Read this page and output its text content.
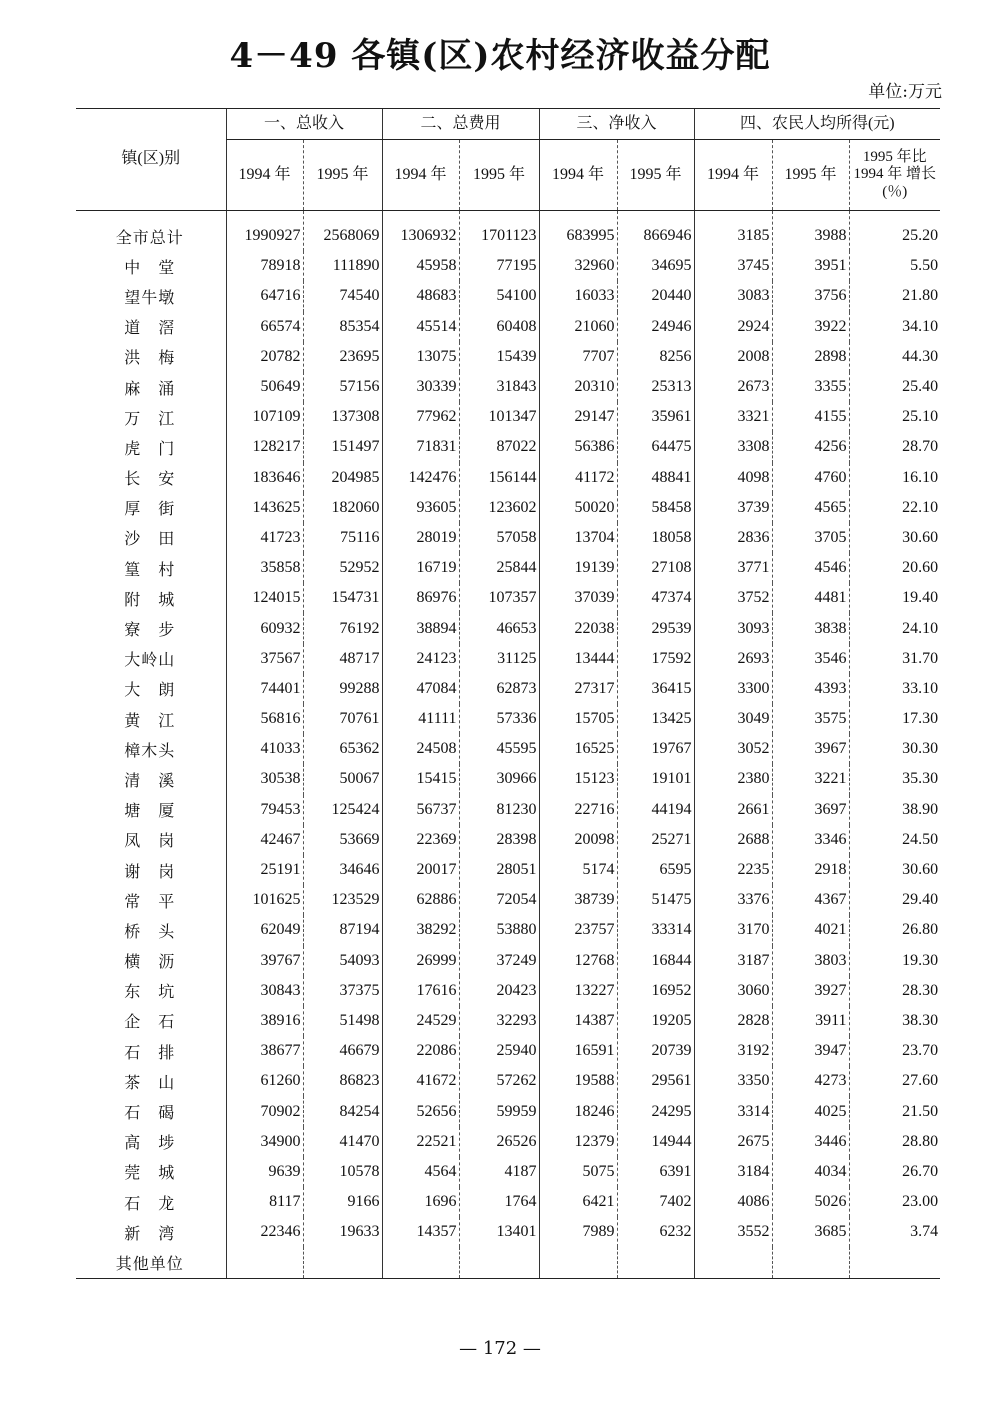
4－49 各镇(区)农村经济收益分配
单位:万元
镇(区)别	一、总收入		二、总费用		三、净收入		四、农民人均所得(元)		
	1994 年	1995 年	1994 年	1995 年	1994 年	1995 年	1994 年	1995 年	1995 年比 1994 年 增长(％)
全市总计	1990927	2568069	1306932	1701123	683995	866946	3185	3988	25.20
中　堂	78918	111890	45958	77195	32960	34695	3745	3951	5.50
望牛墩	64716	74540	48683	54100	16033	20440	3083	3756	21.80
道　滘	66574	85354	45514	60408	21060	24946	2924	3922	34.10
洪　梅	20782	23695	13075	15439	7707	8256	2008	2898	44.30
麻　涌	50649	57156	30339	31843	20310	25313	2673	3355	25.40
万　江	107109	137308	77962	101347	29147	35961	3321	4155	25.10
虎　门	128217	151497	71831	87022	56386	64475	3308	4256	28.70
长　安	183646	204985	142476	156144	41172	48841	4098	4760	16.10
厚　街	143625	182060	93605	123602	50020	58458	3739	4565	22.10
沙　田	41723	75116	28019	57058	13704	18058	2836	3705	30.60
篁　村	35858	52952	16719	25844	19139	27108	3771	4546	20.60
附　城	124015	154731	86976	107357	37039	47374	3752	4481	19.40
寮　步	60932	76192	38894	46653	22038	29539	3093	3838	24.10
大岭山	37567	48717	24123	31125	13444	17592	2693	3546	31.70
大　朗	74401	99288	47084	62873	27317	36415	3300	4393	33.10
黄　江	56816	70761	41111	57336	15705	13425	3049	3575	17.30
樟木头	41033	65362	24508	45595	16525	19767	3052	3967	30.30
清　溪	30538	50067	15415	30966	15123	19101	2380	3221	35.30
塘　厦	79453	125424	56737	81230	22716	44194	2661	3697	38.90
凤　岗	42467	53669	22369	28398	20098	25271	2688	3346	24.50
谢　岗	25191	34646	20017	28051	5174	6595	2235	2918	30.60
常　平	101625	123529	62886	72054	38739	51475	3376	4367	29.40
桥　头	62049	87194	38292	53880	23757	33314	3170	4021	26.80
横　沥	39767	54093	26999	37249	12768	16844	3187	3803	19.30
东　坑	30843	37375	17616	20423	13227	16952	3060	3927	28.30
企　石	38916	51498	24529	32293	14387	19205	2828	3911	38.30
石　排	38677	46679	22086	25940	16591	20739	3192	3947	23.70
茶　山	61260	86823	41672	57262	19588	29561	3350	4273	27.60
石　碣	70902	84254	52656	59959	18246	24295	3314	4025	21.50
高　埗	34900	41470	22521	26526	12379	14944	2675	3446	28.80
莞　城	9639	10578	4564	4187	5075	6391	3184	4034	26.70
石　龙	8117	9166	1696	1764	6421	7402	4086	5026	23.00
新　湾	22346	19633	14357	13401	7989	6232	3552	3685	3.74
其他单位									
— 172 —
